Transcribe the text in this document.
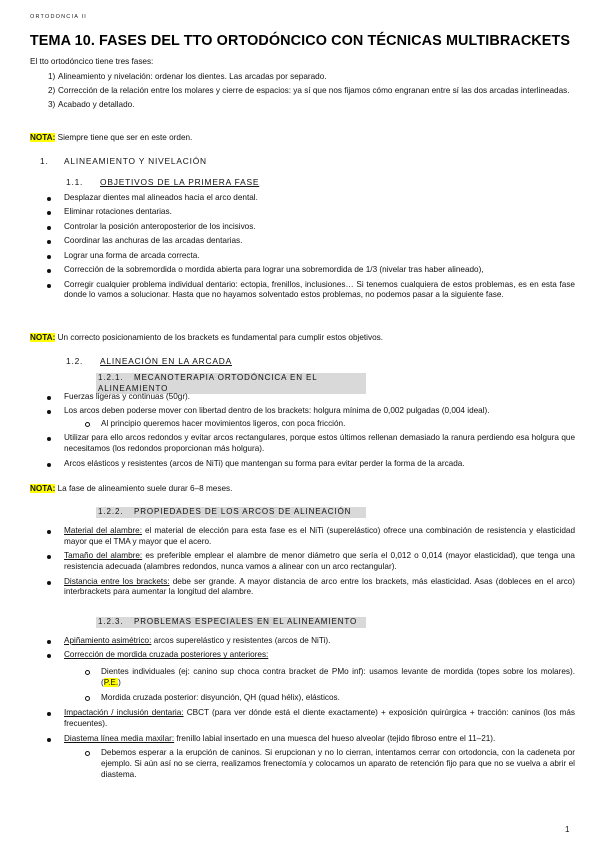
ORTODONCIA II
TEMA 10. FASES DEL TTO ORTODÓNCICO CON TÉCNICAS MULTIBRACKETS
El tto ortodóncico tiene tres fases:
1) Alineamiento y nivelación: ordenar los dientes. Las arcadas por separado.
2) Corrección de la relación entre los molares y cierre de espacios: ya sí que nos fijamos cómo engranan entre sí las dos arcadas interlineadas.
3) Acabado y detallado.
NOTA: Siempre tiene que ser en este orden.
1. ALINEAMIENTO Y NIVELACIÓN
1.1. OBJETIVOS DE LA PRIMERA FASE
Desplazar dientes mal alineados hacia el arco dental.
Eliminar rotaciones dentarias.
Controlar la posición anteroposterior de los incisivos.
Coordinar las anchuras de las arcadas dentarias.
Lograr una forma de arcada correcta.
Corrección de la sobremordida o mordida abierta para lograr una sobremordida de 1/3 (nivelar tras haber alineado),
Corregir cualquier problema individual dentario: ectopia, frenillos, inclusiones… Si tenemos cualquiera de estos problemas, es en esta fase donde lo vamos a solucionar. Hasta que no hayamos solventado estos problemas, no podemos pasar a la siguiente fase.
NOTA: Un correcto posicionamiento de los brackets es fundamental para cumplir estos objetivos.
1.2. ALINEACIÓN EN LA ARCADA
1.2.1. MECANOTERAPIA ORTODÓNCICA EN EL ALINEAMIENTO
Fuerzas ligeras y continuas (50gr).
Los arcos deben poderse mover con libertad dentro de los brackets: holgura mínima de 0,002 pulgadas (0,004 ideal).
Al principio queremos hacer movimientos ligeros, con poca fricción.
Utilizar para ello arcos redondos y evitar arcos rectangulares, porque estos últimos rellenan demasiado la ranura perdiendo esa holgura que necesitamos (los redondos proporcionan más holgura).
Arcos elásticos y resistentes (arcos de NiTi) que mantengan su forma para evitar perder la forma de la arcada.
NOTA: La fase de alineamiento suele durar 6–8 meses.
1.2.2. PROPIEDADES DE LOS ARCOS DE ALINEACIÓN
Material del alambre: el material de elección para esta fase es el NiTi (superelástico) ofrece una combinación de resistencia y elasticidad mayor que el TMA y mayor que el acero.
Tamaño del alambre: es preferible emplear el alambre de menor diámetro que sería el 0,012 o 0,014 (mayor elasticidad), que tenga una resistencia adecuada (alambres redondos, nunca vamos a alinear con un arco rectangular).
Distancia entre los brackets: debe ser grande. A mayor distancia de arco entre los brackets, más elasticidad. Asas (dobleces en el arco) interbrackets para aumentar la longitud del alambre.
1.2.3. PROBLEMAS ESPECIALES EN EL ALINEAMIENTO
Apiñamiento asimétrico: arcos superelástico y resistentes (arcos de NiTi).
Corrección de mordida cruzada posteriores y anteriores:
Dientes individuales (ej: canino sup choca contra bracket de PMo inf): usamos levante de mordida (topes sobre los molares). (P.E.)
Mordida cruzada posterior: disyunción, QH (quad hélix), elásticos.
Impactación / inclusión dentaria: CBCT (para ver dónde está el diente exactamente) + exposición quirúrgica + tracción: caninos (los más frecuentes).
Diastema línea media maxilar: frenillo labial insertado en una muesca del hueso alveolar (tejido fibroso entre el 11–21).
Debemos esperar a la erupción de caninos. Si erupcionan y no lo cierran, intentamos cerrar con ortodoncia, con la cadeneta por ejemplo. Si aún así no se cierra, realizamos frenectomía y colocamos un aparato de retención fijo para que no se vuelva a abrir el diastema.
1
